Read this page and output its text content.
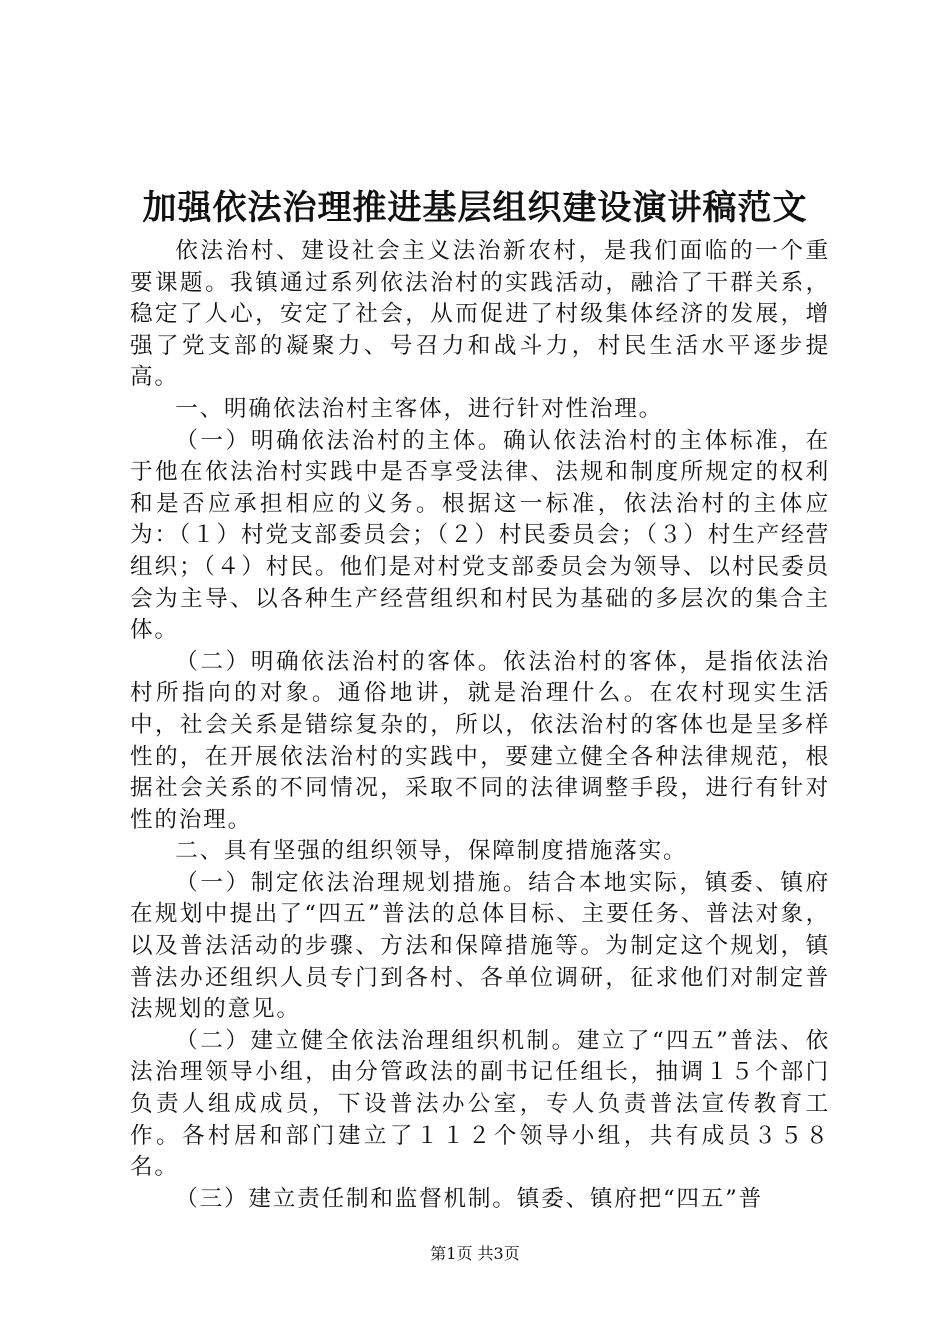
加强依法治理推进基层组织建设演讲稿范文

依法治村、建设社会主义法治新农村，是我们面临的一个重要课题。我镇通过系列依法治村的实践活动，融洽了干群关系，稳定了人心，安定了社会，从而促进了村级集体经济的发展，增强了党支部的凝聚力、号召力和战斗力，村民生活水平逐步提高。

一、明确依法治村主客体，进行针对性治理。

（一）明确依法治村的主体。确认依法治村的主体标准，在于他在依法治村实践中是否享受法律、法规和制度所规定的权利和是否应承担相应的义务。根据这一标准，依法治村的主体应为：（１）村党支部委员会；（２）村民委员会；（３）村生产经营组织；（４）村民。他们是对村党支部委员会为领导、以村民委员会为主导、以各种生产经营组织和村民为基础的多层次的集合主体。

（二）明确依法治村的客体。依法治村的客体，是指依法治村所指向的对象。通俗地讲，就是治理什么。在农村现实生活中，社会关系是错综复杂的，所以，依法治村的客体也是呈多样性的，在开展依法治村的实践中，要建立健全各种法律规范，根据社会关系的不同情况，采取不同的法律调整手段，进行有针对性的治理。

二、具有坚强的组织领导，保障制度措施落实。

（一）制定依法治理规划措施。结合本地实际，镇委、镇府在规划中提出了“四五”普法的总体目标、主要任务、普法对象，以及普法活动的步骤、方法和保障措施等。为制定这个规划，镇普法办还组织人员专门到各村、各单位调研，征求他们对制定普法规划的意见。

（二）建立健全依法治理组织机制。建立了“四五”普法、依法治理领导小组，由分管政法的副书记任组长，抽调１５个部门负责人组成成员，下设普法办公室，专人负责普法宣传教育工作。各村居和部门建立了１１２个领导小组，共有成员３５８名。

（三）建立责任制和监督机制。镇委、镇府把“四五”普

第1页 共3页
